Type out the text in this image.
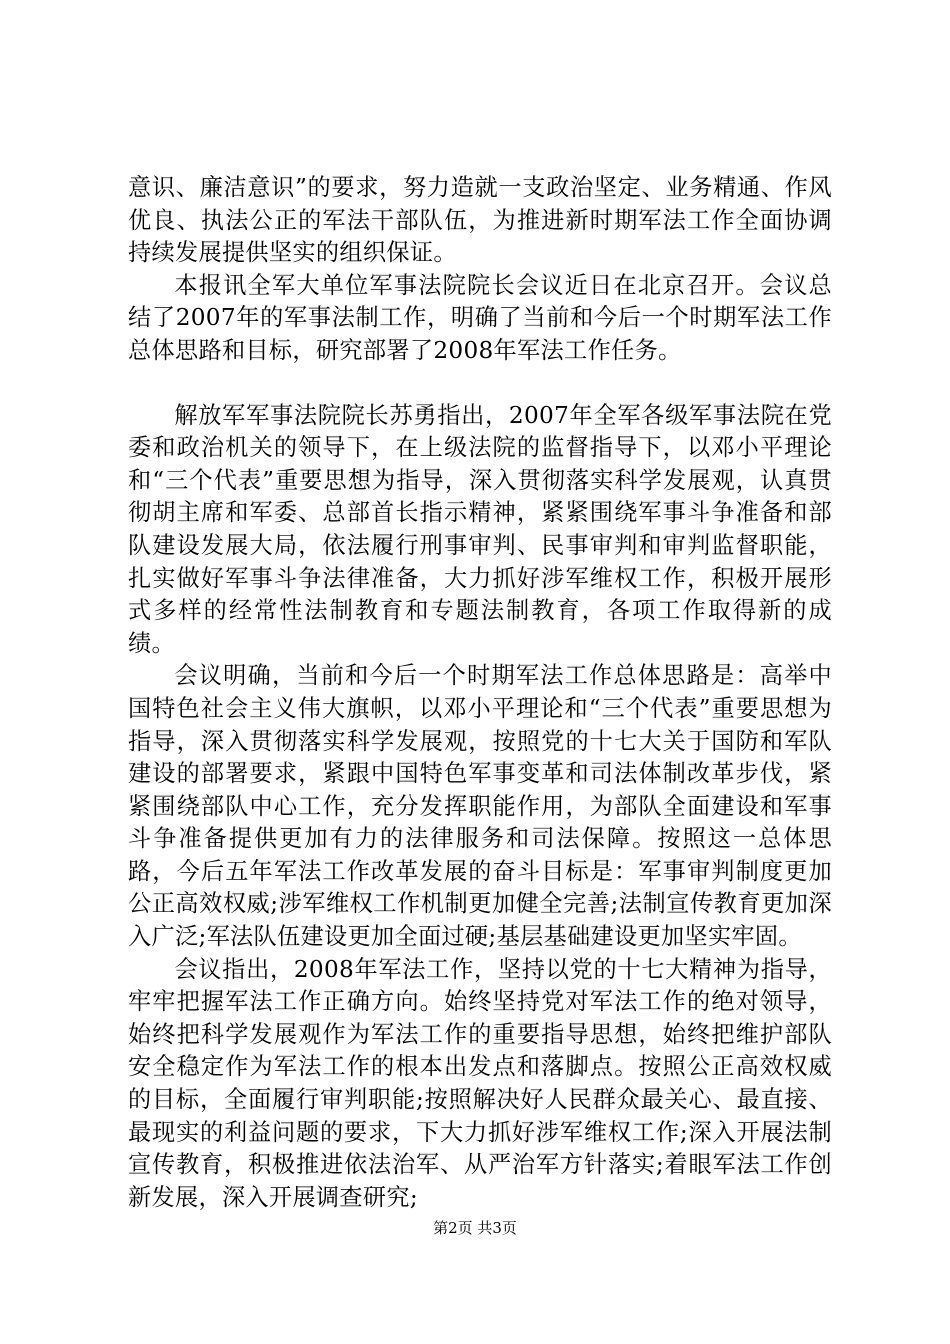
意识、廉洁意识”的要求，努力造就一支政治坚定、业务精通、作风优良、执法公正的军法干部队伍，为推进新时期军法工作全面协调持续发展提供坚实的组织保证。

本报讯全军大单位军事法院院长会议近日在北京召开。会议总结了2007年的军事法制工作，明确了当前和今后一个时期军法工作总体思路和目标，研究部署了2008年军法工作任务。

解放军军事法院院长苏勇指出，2007年全军各级军事法院在党委和政治机关的领导下，在上级法院的监督指导下，以邓小平理论和“三个代表”重要思想为指导，深入贯彻落实科学发展观，认真贯彻胡主席和军委、总部首长指示精神，紧紧围绕军事斗争准备和部队建设发展大局，依法履行刑事审判、民事审判和审判监督职能，扎实做好军事斗争法律准备，大力抓好涉军维权工作，积极开展形式多样的经常性法制教育和专题法制教育，各项工作取得新的成绩。

会议明确，当前和今后一个时期军法工作总体思路是：高举中国特色社会主义伟大旗帜，以邓小平理论和“三个代表”重要思想为指导，深入贯彻落实科学发展观，按照党的十七大关于国防和军队建设的部署要求，紧跟中国特色军事变革和司法体制改革步伐，紧紧围绕部队中心工作，充分发挥职能作用，为部队全面建设和军事斗争准备提供更加有力的法律服务和司法保障。按照这一总体思路，今后五年军法工作改革发展的奋斗目标是：军事审判制度更加公正高效权威;涉军维权工作机制更加健全完善;法制宣传教育更加深入广泛;军法队伍建设更加全面过硬;基层基础建设更加坚实牢固。

会议指出，2008年军法工作，坚持以党的十七大精神为指导，牢牢把握军法工作正确方向。始终坚持党对军法工作的绝对领导，始终把科学发展观作为军法工作的重要指导思想，始终把维护部队安全稳定作为军法工作的根本出发点和落脚点。按照公正高效权威的目标，全面履行审判职能;按照解决好人民群众最关心、最直接、最现实的利益问题的要求，下大力抓好涉军维权工作;深入开展法制宣传教育，积极推进依法治军、从严治军方针落实;着眼军法工作创新发展，深入开展调查研究;

第2页 共3页
